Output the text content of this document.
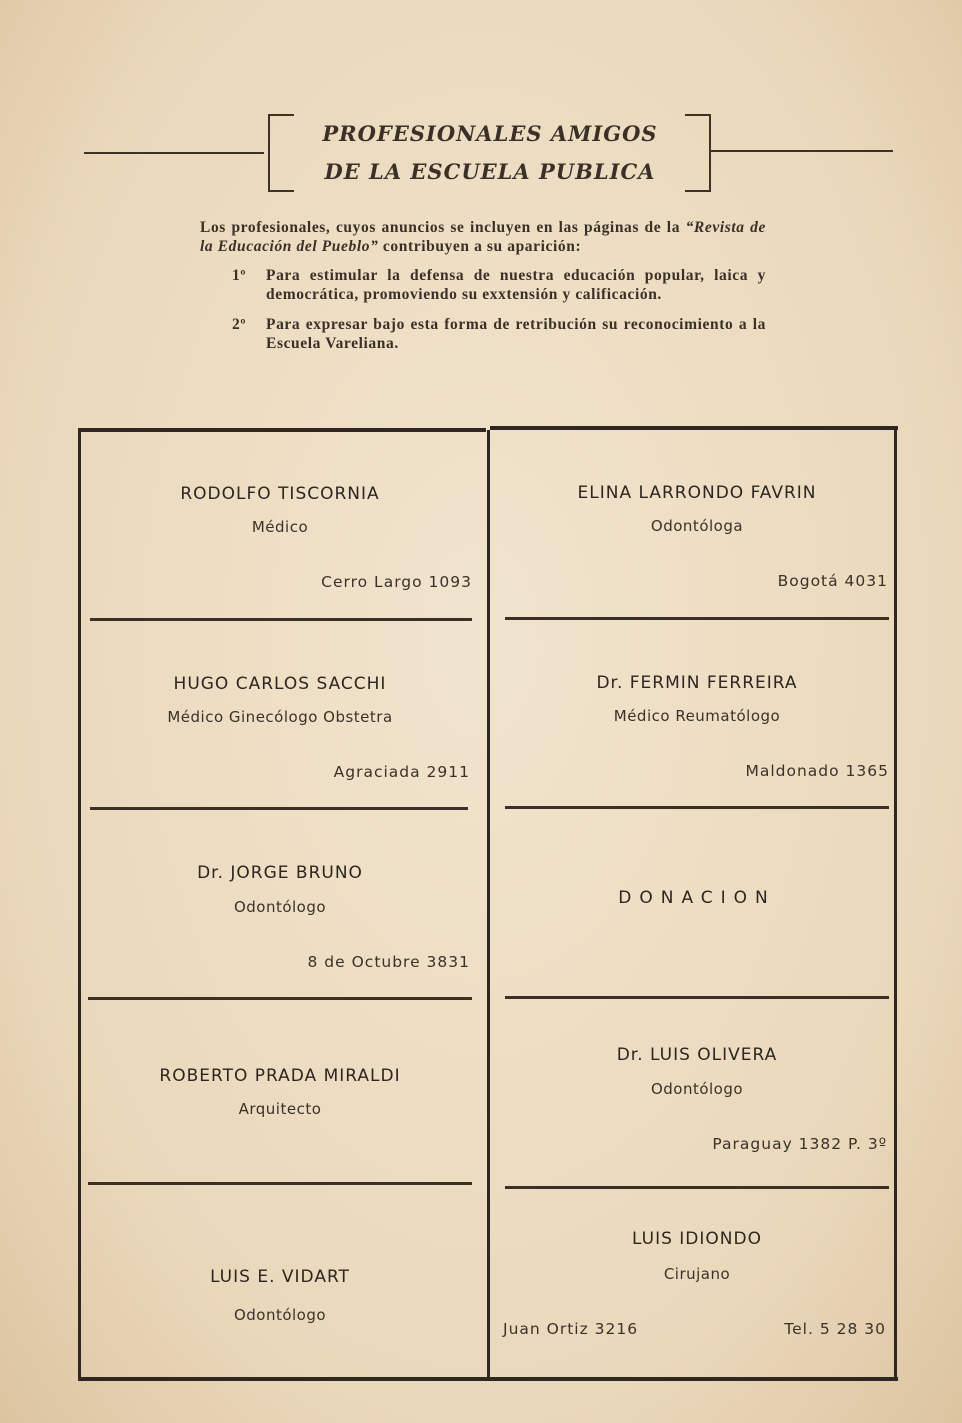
PROFESIONALES AMIGOS
DE LA ESCUELA PUBLICA
Los profesionales, cuyos anuncios se incluyen en las páginas de la “Revista de la Educación del Pueblo” contribuyen a su aparición:
1º Para estimular la defensa de nuestra educación popular, laica y democrática, promoviendo su exxtensión y calificación.
2º Para expresar bajo esta forma de retribución su reconocimiento a la Escuela Vareliana.
RODOLFO TISCORNIA
Médico
Cerro Largo 1093
HUGO CARLOS SACCHI
Médico Ginecólogo Obstetra
Agraciada 2911
Dr. JORGE BRUNO
Odontólogo
8 de Octubre 3831
ROBERTO PRADA MIRALDI
Arquitecto
LUIS E. VIDART
Odontólogo
ELINA LARRONDO FAVRIN
Odontóloga
Bogotá 4031
Dr. FERMIN FERREIRA
Médico Reumatólogo
Maldonado 1365
DONACION
Dr. LUIS OLIVERA
Odontólogo
Paraguay 1382 P. 3º
LUIS IDIONDO
Cirujano
Juan Ortiz 3216	Tel. 5 28 30
